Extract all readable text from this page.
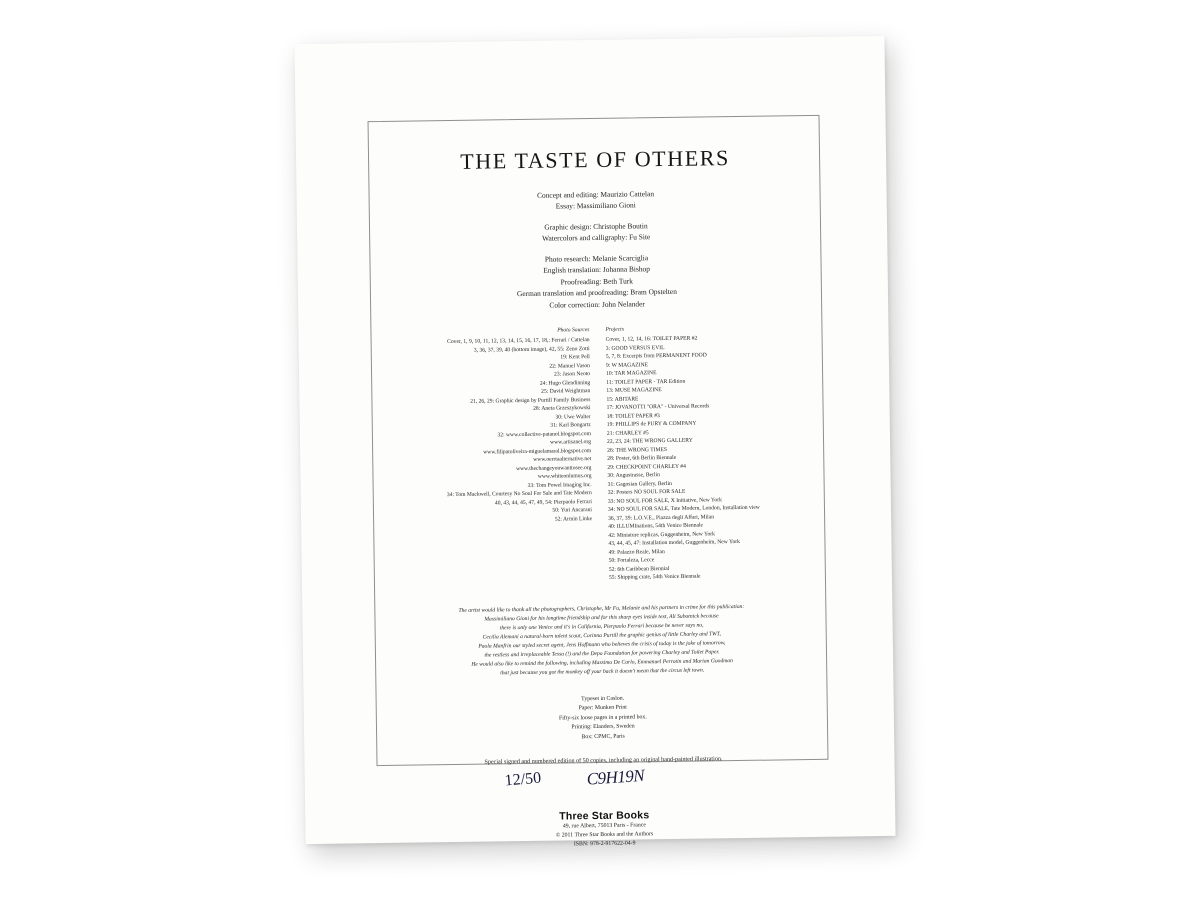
THE TASTE OF OTHERS
Concept and editing: Maurizio Cattelan
Essay: Massimiliano Gioni
Graphic design: Christophe Boutin
Watercolors and calligraphy: Fu Site
Photo research: Melanie Scarciglia
English translation: Johanna Bishop
Proofreading: Beth Turk
German translation and proofreading: Bram Opstelten
Color correction: John Nelander
Photo Sources
Cover, 1, 9, 10, 11, 12, 13, 14, 15, 16, 17, 18,: Ferrari / Cattelan
3, 36, 37, 39, 40 (bottom image), 42, 55: Zeno Zotti
19: Kent Pell
22: Manuel Vason
23: Jason Neoto
24: Hugo Glendinning
25: David Weightman
21, 26, 29: Graphic design by Purtill Family Business
28: Aneta Grzeszykowski
30: Uwe Walter
31: Karl Bongartz
32: www.collective-patanol.blogspot.com
www.artisanel.org
www.filipatoliveira-miguelamaral.blogspot.com
www.oerrtaalternative.net
www.thechangeyouwanttosee.org
www.whiteonlumus.org
33: Tom Powel Imaging Inc.
34: Tom Mackwell, Courtesy No Soul For Sale and Tate Modern
40, 43, 44, 45, 47, 49, 54: Pierpaolo Ferrari
50: Yuri Ancarani
52: Armin Linke
Projects
Cover, 1, 12, 14, 16: TOILET PAPER #2
3: GOOD VERSUS EVIL
5, 7, 8: Excerpts from PERMANENT FOOD
9: W MAGAZINE
10: TAR MAGAZINE
11: TOILET PAPER - TAR Edition
13: MUSE MAGAZINE
15: ABITARE
17: JOVANOTTI "ORA" - Universal Records
18: TOILET PAPER #3
19: PHILLIPS de PURY & COMPANY
21: CHARLEY #5
22, 23, 24: THE WRONG GALLERY
26: THE WRONG TIMES
28: Poster, 6th Berlin Biennale
29: CHECKPOINT CHARLEY #4
30: Augustrasse, Berlin
31: Gagosian Gallery, Berlin
32: Posters NO SOUL FOR SALE
33: NO SOUL FOR SALE, X Initiative, New York
34: NO SOUL FOR SALE, Tate Modern, London, Installation view
36, 37, 39: L.O.V.E., Piazza degli Affari, Milan
40: ILLUMInations, 54th Venice Biennale
42: Miniature replicas, Guggenheim, New York
43, 44, 45, 47: Installation model, Guggenheim, New York
49: Palazzo Reale, Milan
50: Fortaleza, Lecce
52: 6th Caribbean Biennial
55: Shipping crate, 54th Venice Biennale
The artist would like to thank all the photographers, Christophe, Mr Fu, Melanie and his partners in crime for this publication:
Massimiliano Gioni for his longtime friendship and for this sharp eyes inside text, Ali Subotnick because
there is only one Venice and it's in California, Pierpaolo Ferrari because he never says no,
Cecilia Alemani a natural-born talent scout, Corinna Purtill the graphic genius of little Charley and TWT,
Paola Manfrin our styled secret agent, Jens Hoffmann who believes the crisis of today is the joke of tomorrow,
the restless and irreplaceable Tessa (!) and the Depo Foundation for powering Charley and Toilet Paper.
He would also like to remind the following, including Massimo De Carlo, Emmanuel Perrotin and Marian Goodman
that just because you got the monkey off your back it doesn't mean that the circus left town.
Typeset in Caslon.
Paper: Munken Print
Fifty-six loose pages in a printed box.
Printing: Elanders, Sweden
Box: CPMC, Paris
Special signed and numbered edition of 50 copies, including an original hand-painted illustration.
12/50	C9H19N
Three Star Books
49, rue Albert, 75013 Paris - France
© 2011 Three Star Books and the Authors
ISBN: 978-2-917622-04-9
